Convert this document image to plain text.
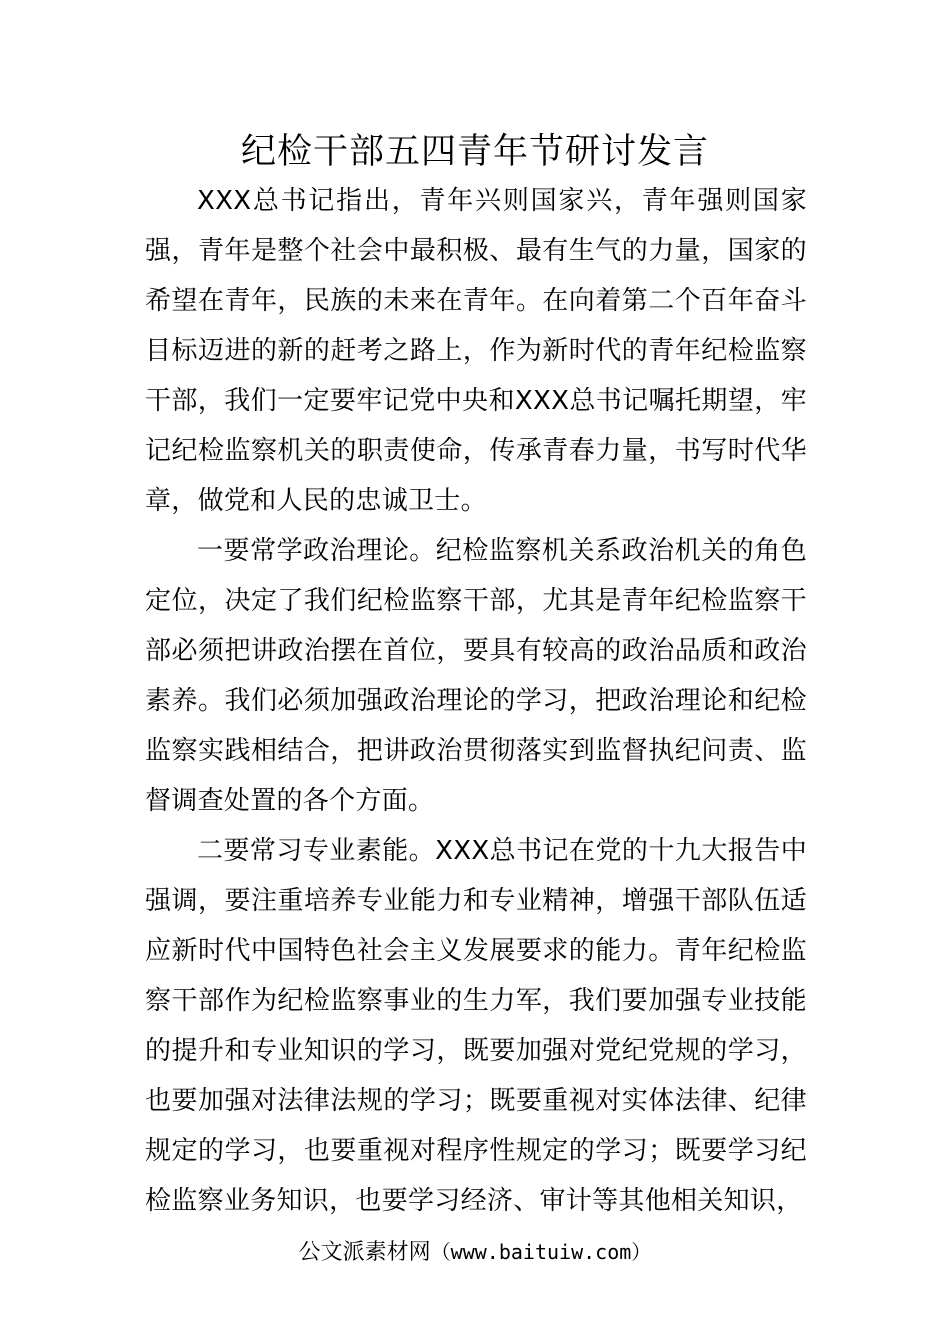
纪检干部五四青年节研讨发言

XXX总书记指出，青年兴则国家兴，青年强则国家强，青年是整个社会中最积极、最有生气的力量，国家的希望在青年，民族的未来在青年。在向着第二个百年奋斗目标迈进的新的赶考之路上，作为新时代的青年纪检监察干部，我们一定要牢记党中央和XXX总书记嘱托期望，牢记纪检监察机关的职责使命，传承青春力量，书写时代华章，做党和人民的忠诚卫士。

一要常学政治理论。纪检监察机关系政治机关的角色定位，决定了我们纪检监察干部，尤其是青年纪检监察干部必须把讲政治摆在首位，要具有较高的政治品质和政治素养。我们必须加强政治理论的学习，把政治理论和纪检监察实践相结合，把讲政治贯彻落实到监督执纪问责、监督调查处置的各个方面。

二要常习专业素能。XXX总书记在党的十九大报告中强调，要注重培养专业能力和专业精神，增强干部队伍适应新时代中国特色社会主义发展要求的能力。青年纪检监察干部作为纪检监察事业的生力军，我们要加强专业技能的提升和专业知识的学习，既要加强对党纪党规的学习，也要加强对法律法规的学习；既要重视对实体法律、纪律规定的学习，也要重视对程序性规定的学习；既要学习纪检监察业务知识，也要学习经济、审计等其他相关知识，

公文派素材网（www.baituiw.com）
